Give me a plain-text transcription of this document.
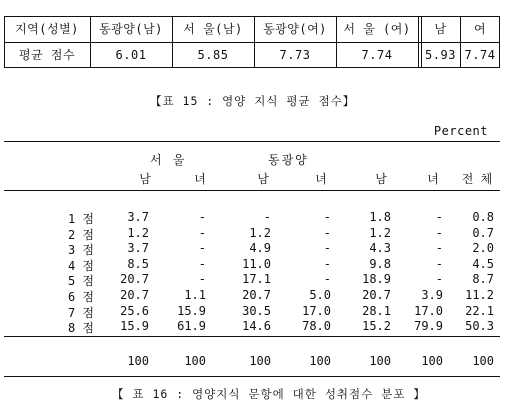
지역(성별)	동광양(남)	서 울(남)	동광양(여)	서 울 (여)	남	여
평균 점수	6.01	5.85	7.73	7.74	5.93 7.74
【표 15 : 영양 지식 평균 점수】
Percent
서 울	동광양
남	녀	남	녀	남	녀	전 체
1 점	3.7	-	-	-	1.8	-	0.8
2 점	1.2	-	1.2	-	1.2	-	0.7
3 점	3.7	-	4.9	-	4.3	-	2.0
4 점	8.5	-	11.0	-	9.8	-	4.5
5 점	20.7	-	17.1	-	18.9	-	8.7
6 점	20.7	1.1	20.7	5.0	20.7	3.9	11.2
7 점	25.6	15.9	30.5	17.0	28.1	17.0	22.1
8 점	15.9	61.9	14.6	78.0	15.2	79.9	50.3
100	100	100	100	100	100	100
【 표 16 : 영양지식 문항에 대한 성취점수 분포 】
